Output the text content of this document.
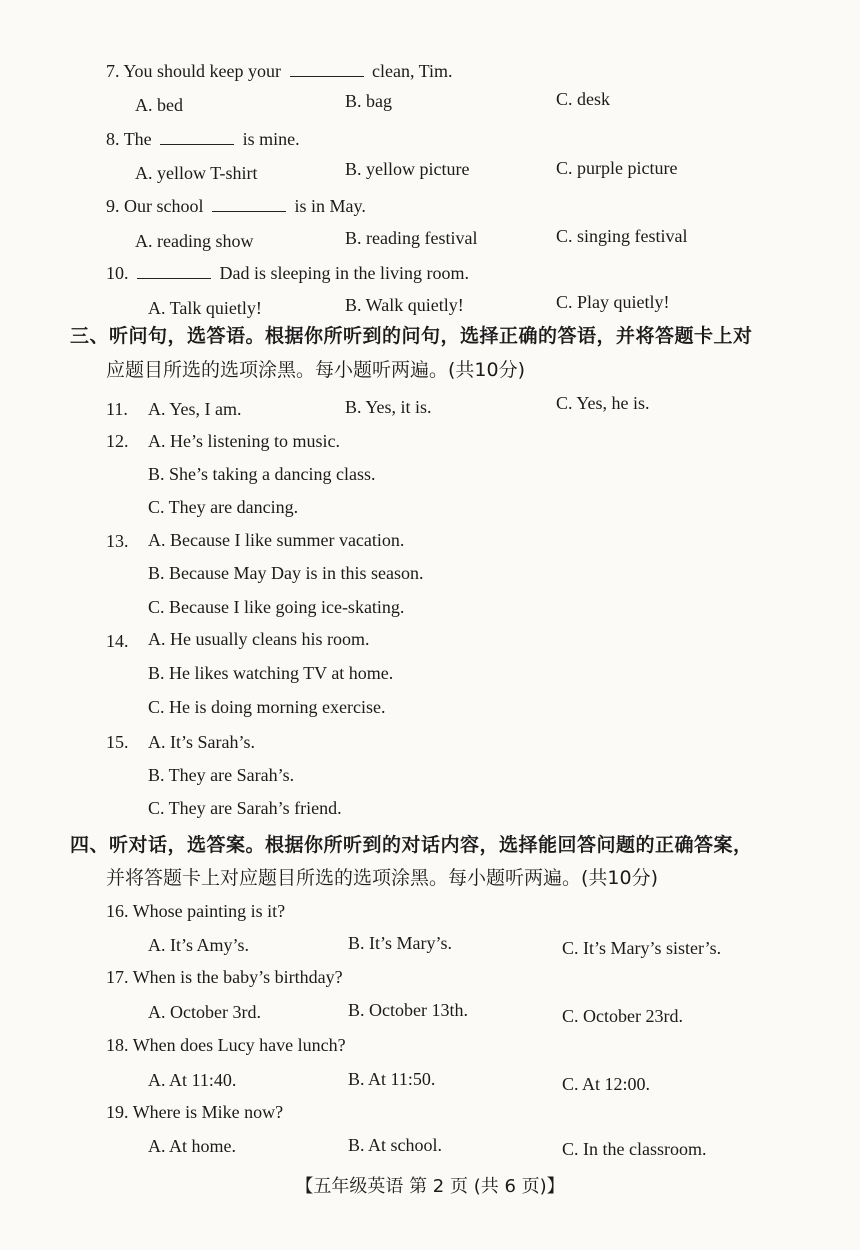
7. You should keep your	clean, Tim.
A. bed	B. bag	C. desk
8. The	is mine.
A. yellow T-shirt	B. yellow picture	C. purple picture
9. Our school	is in May.
A. reading show	B. reading festival	C. singing festival
10.	Dad is sleeping in the living room.
A. Talk quietly!	B. Walk quietly!	C. Play quietly!
三、听问句，选答语。根据你所听到的问句，选择正确的答语，并将答题卡上对
应题目所选的选项涂黑。每小题听两遍。(共10分)
11. A. Yes, I am.	B. Yes, it is.	C. Yes, he is.
12. A. He’s listening to music.
B. She’s taking a dancing class.
C. They are dancing.
13. A. Because I like summer vacation.
B. Because May Day is in this season.
C. Because I like going ice-skating.
14. A. He usually cleans his room.
B. He likes watching TV at home.
C. He is doing morning exercise.
15. A. It’s Sarah’s.
B. They are Sarah’s.
C. They are Sarah’s friend.
四、听对话，选答案。根据你所听到的对话内容，选择能回答问题的正确答案，
并将答题卡上对应题目所选的选项涂黑。每小题听两遍。(共10分)
16. Whose painting is it?
A. It’s Amy’s.	B. It’s Mary’s.	C. It’s Mary’s sister’s.
17. When is the baby’s birthday?
A. October 3rd.	B. October 13th.	C. October 23rd.
18. When does Lucy have lunch?
A. At 11:40.	B. At 11:50.	C. At 12:00.
19. Where is Mike now?
A. At home.	B. At school.	C. In the classroom.
【五年级英语 第 2 页 (共 6 页)】
